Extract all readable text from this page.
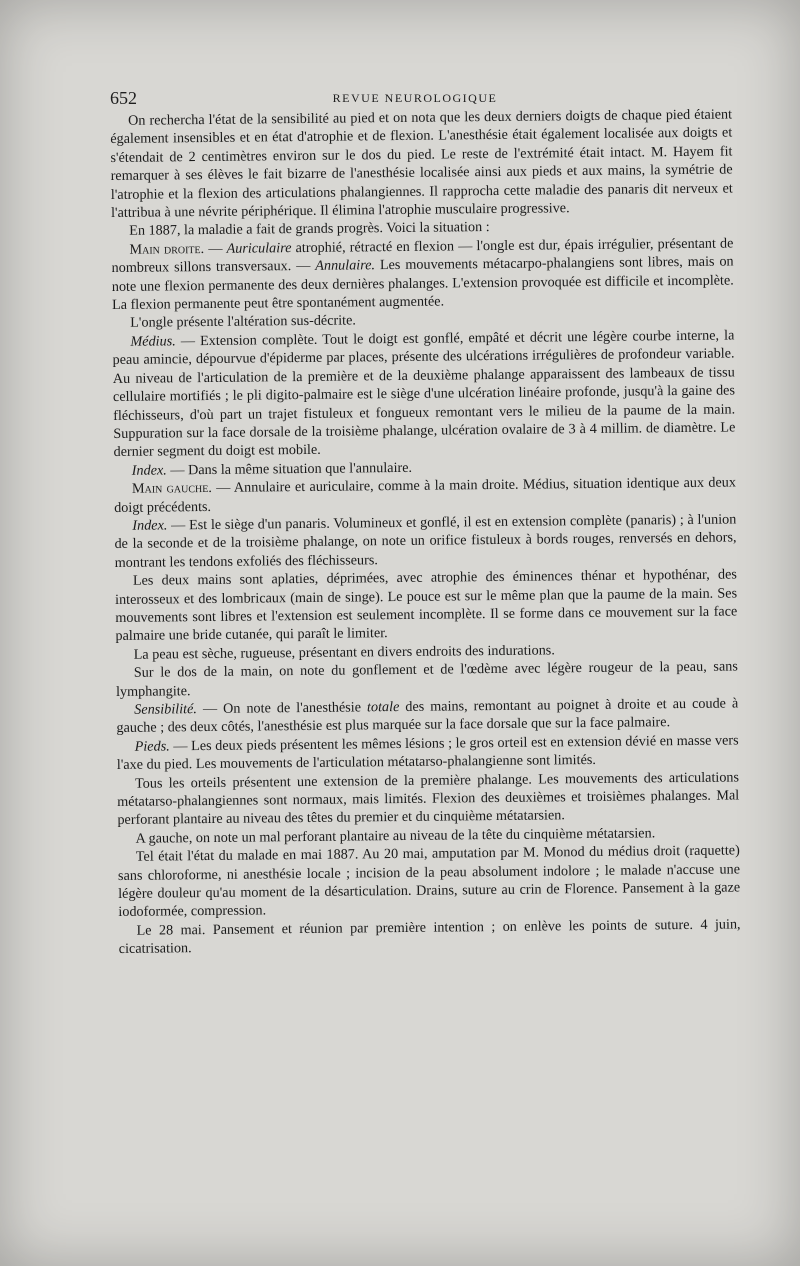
652	REVUE NEUROLOGIQUE

On rechercha l'état de la sensibilité au pied et on nota que les deux derniers doigts de chaque pied étaient également insensibles et en état d'atrophie et de flexion. L'anesthésie était également localisée aux doigts et s'étendait de 2 centimètres environ sur le dos du pied. Le reste de l'extrémité était intact. M. Hayem fit remarquer à ses élèves le fait bizarre de l'anesthésie localisée ainsi aux pieds et aux mains, la symétrie de l'atrophie et la flexion des articulations phalangiennes. Il rapprocha cette maladie des panaris dit nerveux et l'attribua à une névrite périphérique. Il élimina l'atrophie musculaire progressive.

En 1887, la maladie a fait de grands progrès. Voici la situation :

Main droite. — Auriculaire atrophié, rétracté en flexion — l'ongle est dur, épais irrégulier, présentant de nombreux sillons transversaux. — Annulaire. Les mouvements métacarpo-phalangiens sont libres, mais on note une flexion permanente des deux dernières phalanges. L'extension provoquée est difficile et incomplète. La flexion permanente peut être spontanément augmentée.

L'ongle présente l'altération sus-décrite.

Médius. — Extension complète. Tout le doigt est gonflé, empâté et décrit une légère courbe interne, la peau amincie, dépourvue d'épiderme par places, présente des ulcérations irrégulières de profondeur variable. Au niveau de l'articulation de la première et de la deuxième phalange apparaissent des lambeaux de tissu cellulaire mortifiés ; le pli digito-palmaire est le siège d'une ulcération linéaire profonde, jusqu'à la gaine des fléchisseurs, d'où part un trajet fistuleux et fongueux remontant vers le milieu de la paume de la main. Suppuration sur la face dorsale de la troisième phalange, ulcération ovalaire de 3 à 4 millim. de diamètre. Le dernier segment du doigt est mobile.

Index. — Dans la même situation que l'annulaire.

Main gauche. — Annulaire et auriculaire, comme à la main droite. Médius, situation identique aux deux doigt précédents.

Index. — Est le siège d'un panaris. Volumineux et gonflé, il est en extension complète (panaris) ; à l'union de la seconde et de la troisième phalange, on note un orifice fistuleux à bords rouges, renversés en dehors, montrant les tendons exfoliés des fléchisseurs.

Les deux mains sont aplaties, déprimées, avec atrophie des éminences thénar et hypothénar, des interosseux et des lombricaux (main de singe). Le pouce est sur le même plan que la paume de la main. Ses mouvements sont libres et l'extension est seulement incomplète. Il se forme dans ce mouvement sur la face palmaire une bride cutanée, qui paraît le limiter.

La peau est sèche, rugueuse, présentant en divers endroits des indurations.

Sur le dos de la main, on note du gonflement et de l'œdème avec légère rougeur de la peau, sans lymphangite.

Sensibilité. — On note de l'anesthésie totale des mains, remontant au poignet à droite et au coude à gauche ; des deux côtés, l'anesthésie est plus marquée sur la face dorsale que sur la face palmaire.

Pieds. — Les deux pieds présentent les mêmes lésions ; le gros orteil est en extension dévié en masse vers l'axe du pied. Les mouvements de l'articulation métatarso-phalangienne sont limités.

Tous les orteils présentent une extension de la première phalange. Les mouvements des articulations métatarso-phalangiennes sont normaux, mais limités. Flexion des deuxièmes et troisièmes phalanges. Mal perforant plantaire au niveau des têtes du premier et du cinquième métatarsien.

A gauche, on note un mal perforant plantaire au niveau de la tête du cinquième métatarsien.

Tel était l'état du malade en mai 1887. Au 20 mai, amputation par M. Monod du médius droit (raquette) sans chloroforme, ni anesthésie locale ; incision de la peau absolument indolore ; le malade n'accuse une légère douleur qu'au moment de la désarticulation. Drains, suture au crin de Florence. Pansement à la gaze iodoformée, compression.

Le 28 mai. Pansement et réunion par première intention ; on enlève les points de suture. 4 juin, cicatrisation.
